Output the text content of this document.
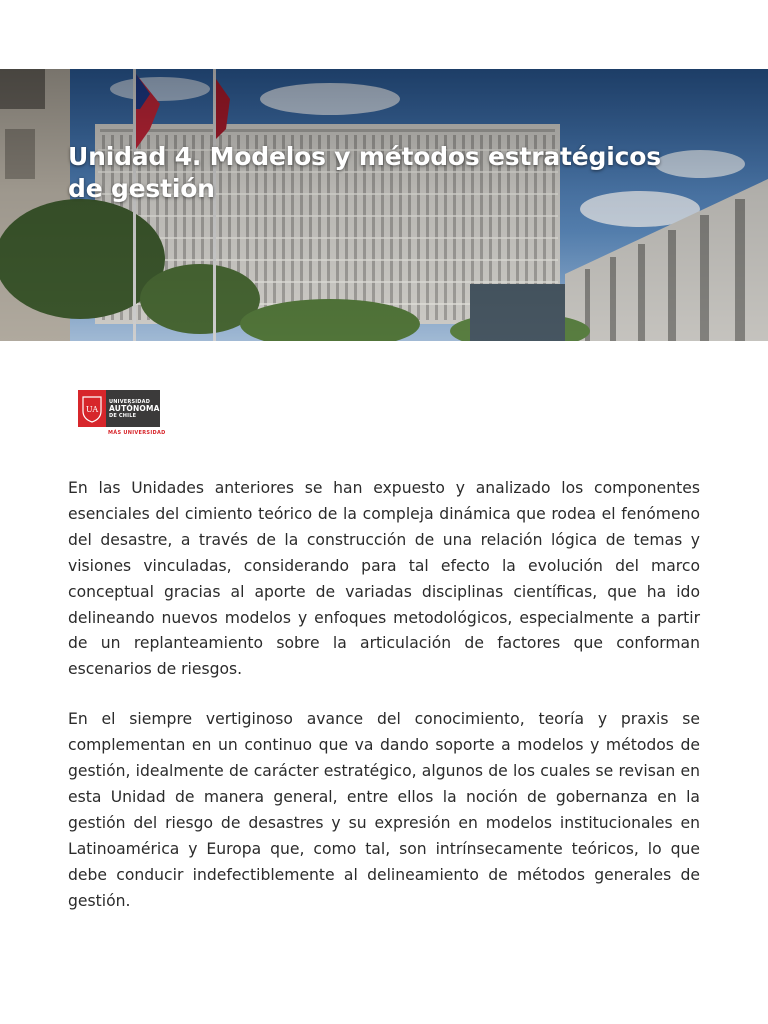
Unidad 4. Modelos y métodos estratégicos
de gestión
UA
UNIVERSIDAD
AUTÓNOMA
DE CHILE
MÁS UNIVERSIDAD

En las Unidades anteriores se han expuesto y analizado los componentes esenciales del cimiento teórico de la compleja dinámica que rodea el fenómeno del desastre, a través de la construcción de una relación lógica de temas y visiones vinculadas, considerando para tal efecto la evolución del marco conceptual gracias al aporte de variadas disciplinas científicas, que ha ido delineando nuevos modelos y enfoques metodológicos, especialmente a partir de un replanteamiento sobre la articulación de factores que conforman escenarios de riesgos.

En el siempre vertiginoso avance del conocimiento, teoría y praxis se complementan en un continuo que va dando soporte a modelos y métodos de gestión, idealmente de carácter estratégico, algunos de los cuales se revisan en esta Unidad de manera general, entre ellos la noción de gobernanza en la gestión del riesgo de desastres y su expresión en modelos institucionales en Latinoamérica y Europa que, como tal, son intrínsecamente teóricos, lo que debe conducir indefectiblemente al delineamiento de métodos generales de gestión.
